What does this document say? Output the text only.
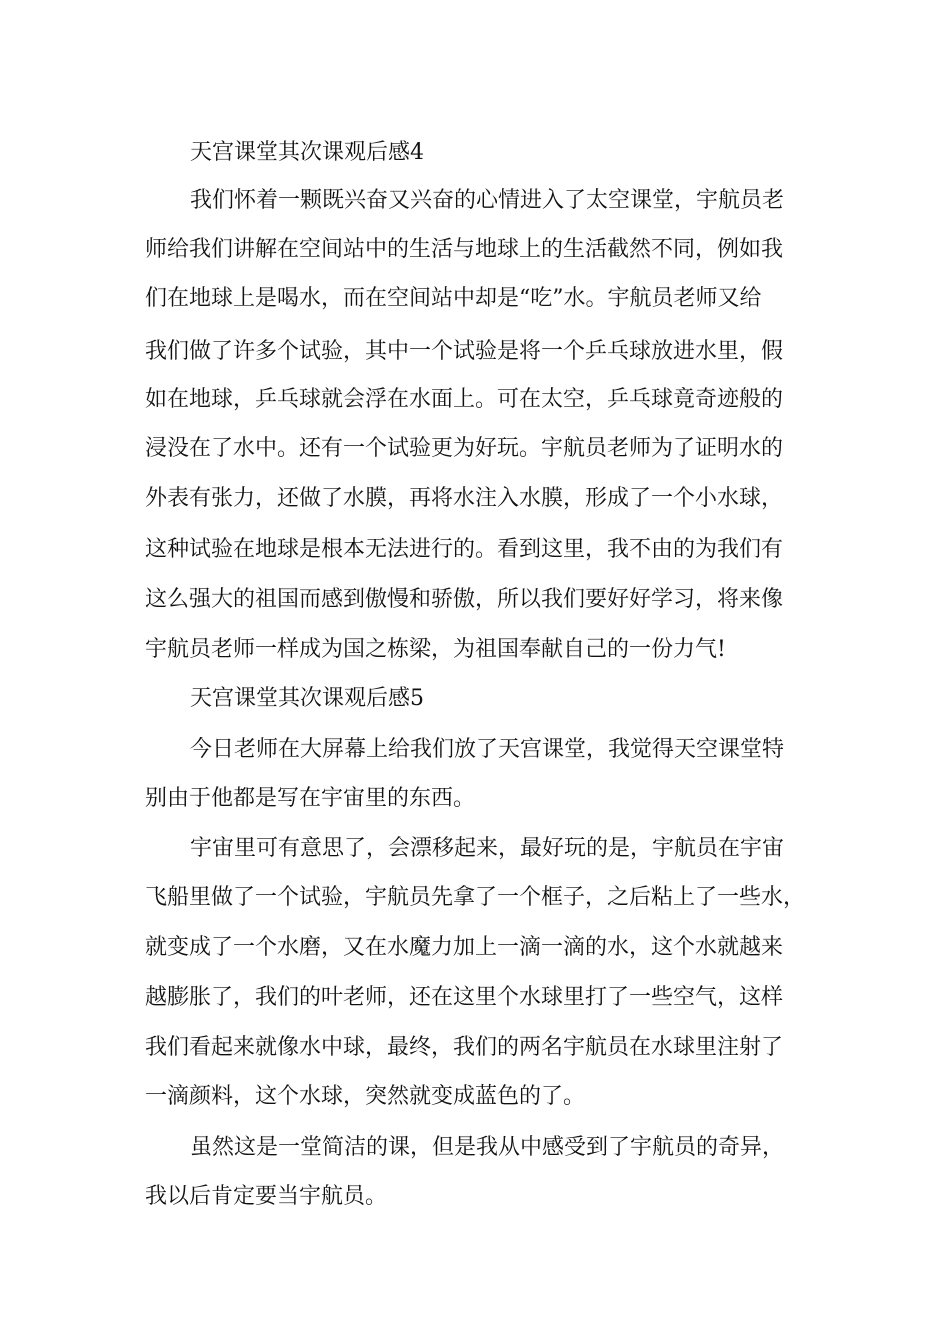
天宫课堂其次课观后感4
我们怀着一颗既兴奋又兴奋的心情进入了太空课堂，宇航员老
师给我们讲解在空间站中的生活与地球上的生活截然不同，例如我
们在地球上是喝水，而在空间站中却是“吃”水。宇航员老师又给
我们做了许多个试验，其中一个试验是将一个乒乓球放进水里，假
如在地球，乒乓球就会浮在水面上。可在太空，乒乓球竟奇迹般的
浸没在了水中。还有一个试验更为好玩。宇航员老师为了证明水的
外表有张力，还做了水膜，再将水注入水膜，形成了一个小水球，
这种试验在地球是根本无法进行的。看到这里，我不由的为我们有
这么强大的祖国而感到傲慢和骄傲，所以我们要好好学习，将来像
宇航员老师一样成为国之栋梁，为祖国奉献自己的一份力气!
天宫课堂其次课观后感5
今日老师在大屏幕上给我们放了天宫课堂，我觉得天空课堂特
别由于他都是写在宇宙里的东西。
宇宙里可有意思了，会漂移起来，最好玩的是，宇航员在宇宙
飞船里做了一个试验，宇航员先拿了一个框子，之后粘上了一些水，
就变成了一个水磨，又在水魔力加上一滴一滴的水，这个水就越来
越膨胀了，我们的叶老师，还在这里个水球里打了一些空气，这样
我们看起来就像水中球，最终，我们的两名宇航员在水球里注射了
一滴颜料，这个水球，突然就变成蓝色的了。
虽然这是一堂简洁的课，但是我从中感受到了宇航员的奇异，
我以后肯定要当宇航员。
